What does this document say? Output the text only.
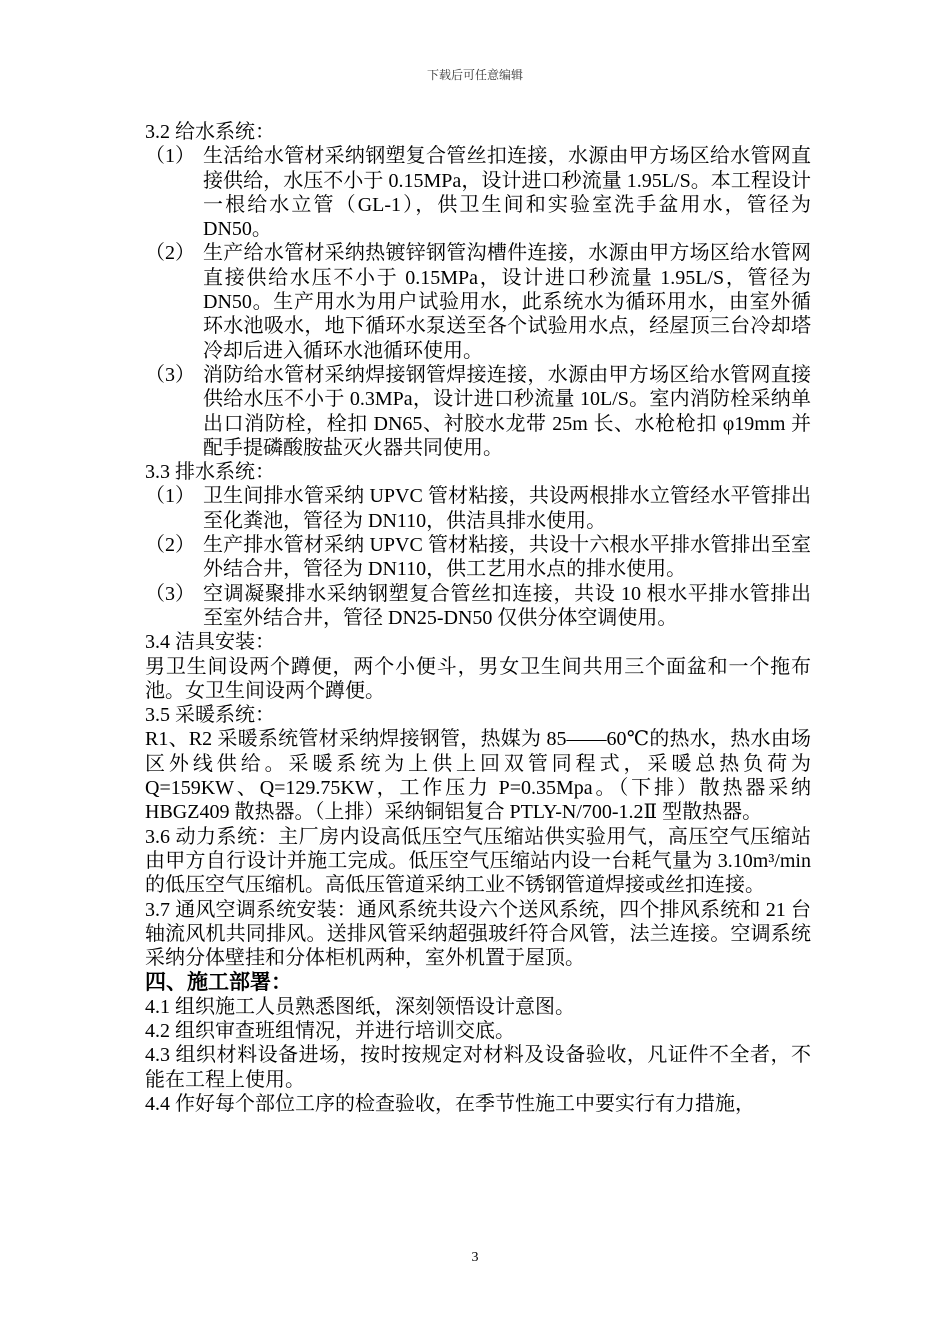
下载后可任意编辑
3.2 给水系统：
（1） 生活给水管材采纳钢塑复合管丝扣连接，水源由甲方场区给水管网直接供给，水压不小于 0.15MPa，设计进口秒流量 1.95L/S。本工程设计一根给水立管（GL-1），供卫生间和实验室洗手盆用水，管径为 DN50。
（2） 生产给水管材采纳热镀锌钢管沟槽件连接，水源由甲方场区给水管网直接供给水压不小于 0.15MPa，设计进口秒流量 1.95L/S，管径为 DN50。生产用水为用户试验用水，此系统水为循环用水，由室外循环水池吸水，地下循环水泵送至各个试验用水点，经屋顶三台冷却塔冷却后进入循环水池循环使用。
（3） 消防给水管材采纳焊接钢管焊接连接，水源由甲方场区给水管网直接供给水压不小于 0.3MPa，设计进口秒流量 10L/S。室内消防栓采纳单出口消防栓，栓扣 DN65、衬胶水龙带 25m 长、水枪枪扣 φ19mm 并配手提磷酸胺盐灭火器共同使用。
3.3 排水系统：
（1） 卫生间排水管采纳 UPVC 管材粘接，共设两根排水立管经水平管排出至化粪池，管径为 DN110，供洁具排水使用。
（2） 生产排水管材采纳 UPVC 管材粘接，共设十六根水平排水管排出至室外结合井，管径为 DN110，供工艺用水点的排水使用。
（3） 空调凝聚排水采纳钢塑复合管丝扣连接，共设 10 根水平排水管排出至室外结合井，管径 DN25-DN50 仅供分体空调使用。
3.4 洁具安装：
男卫生间设两个蹲便，两个小便斗，男女卫生间共用三个面盆和一个拖布池。女卫生间设两个蹲便。
3.5 采暖系统：
R1、R2 采暖系统管材采纳焊接钢管，热媒为 85——60℃的热水，热水由场区外线供给。采暖系统为上供上回双管同程式，采暖总热负荷为 Q=159KW、Q=129.75KW，工作压力 P=0.35Mpa。（下排）散热器采纳 HBGZ409 散热器。（上排）采纳铜铝复合 PTLY-N/700-1.2Ⅱ 型散热器。
3.6 动力系统：主厂房内设高低压空气压缩站供实验用气，高压空气压缩站由甲方自行设计并施工完成。低压空气压缩站内设一台耗气量为 3.10m³/min 的低压空气压缩机。高低压管道采纳工业不锈钢管道焊接或丝扣连接。
3.7 通风空调系统安装：通风系统共设六个送风系统，四个排风系统和 21 台轴流风机共同排风。送排风管采纳超强玻纤符合风管，法兰连接。空调系统采纳分体壁挂和分体柜机两种，室外机置于屋顶。
四、施工部署：
4.1 组织施工人员熟悉图纸，深刻领悟设计意图。
4.2 组织审查班组情况，并进行培训交底。
4.3 组织材料设备进场，按时按规定对材料及设备验收，凡证件不全者，不能在工程上使用。
4.4 作好每个部位工序的检查验收，在季节性施工中要实行有力措施，
3
